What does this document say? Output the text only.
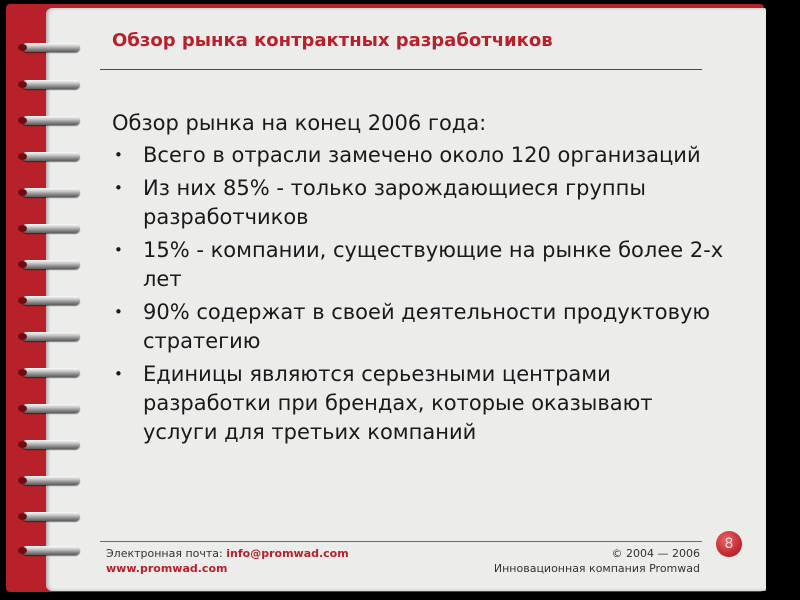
Обзор рынка контрактных разработчиков
Обзор рынка на конец 2006 года:
• Всего в отрасли замечено около 120 организаций
• Из них 85% - только зарождающиеся группы разработчиков
• 15% - компании, существующие на рынке более 2-х лет
• 90% содержат в своей деятельности продуктовую стратегию
• Единицы являются серьезными центрами разработки при брендах, которые оказывают услуги для третьих компаний
Электронная почта: info@promwad.com
www.promwad.com
© 2004 — 2006
Инновационная компания Promwad
8
